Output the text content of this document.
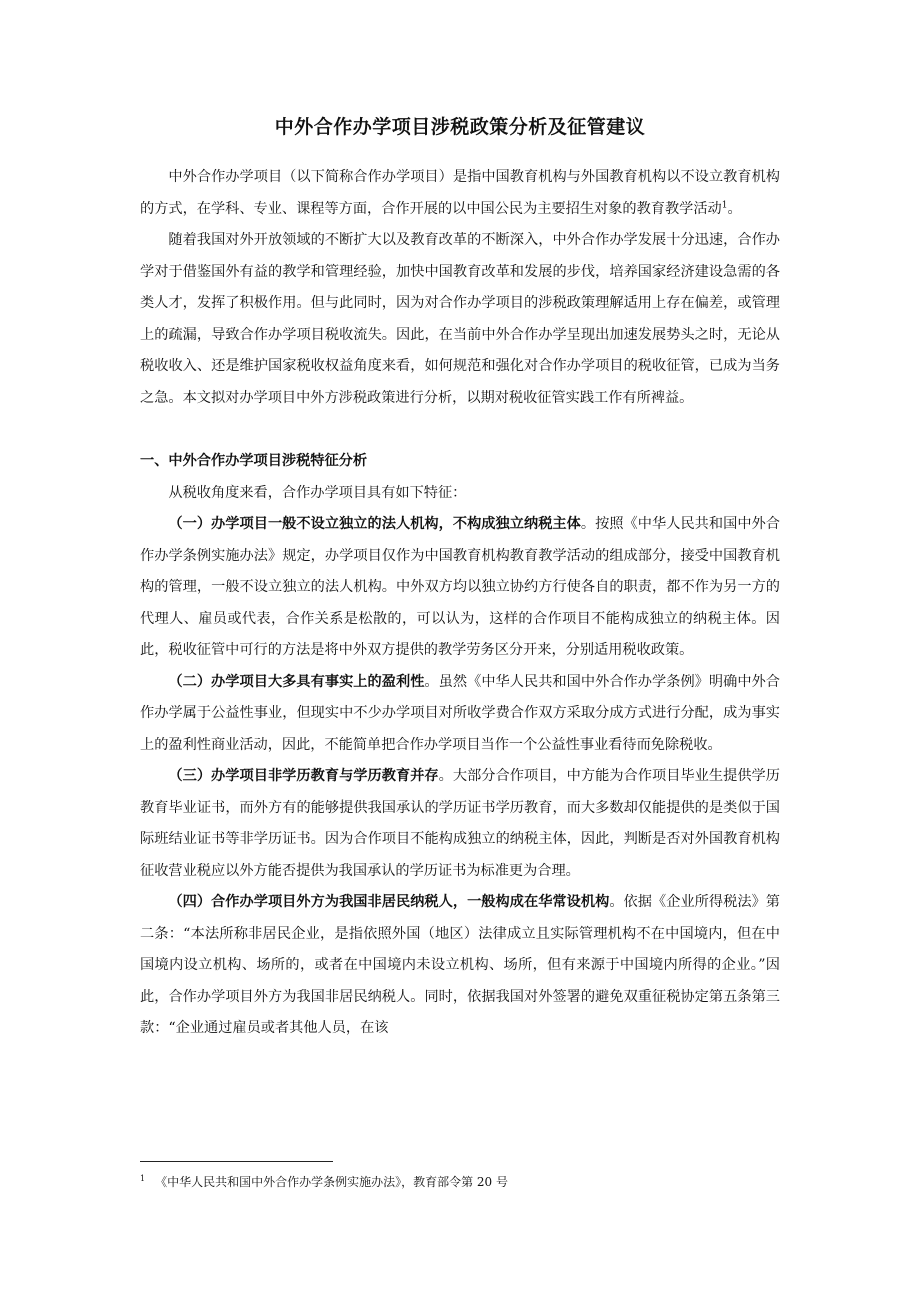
中外合作办学项目涉税政策分析及征管建议

中外合作办学项目（以下简称合作办学项目）是指中国教育机构与外国教育机构以不设立教育机构的方式，在学科、专业、课程等方面，合作开展的以中国公民为主要招生对象的教育教学活动$^1$。

随着我国对外开放领域的不断扩大以及教育改革的不断深入，中外合作办学发展十分迅速，合作办学对于借鉴国外有益的教学和管理经验，加快中国教育改革和发展的步伐，培养国家经济建设急需的各类人才，发挥了积极作用。但与此同时，因为对合作办学项目的涉税政策理解适用上存在偏差，或管理上的疏漏，导致合作办学项目税收流失。因此，在当前中外合作办学呈现出加速发展势头之时，无论从税收收入、还是维护国家税收权益角度来看，如何规范和强化对合作办学项目的税收征管，已成为当务之急。本文拟对办学项目中外方涉税政策进行分析，以期对税收征管实践工作有所裨益。

一、中外合作办学项目涉税特征分析

从税收角度来看，合作办学项目具有如下特征：

（一）办学项目一般不设立独立的法人机构，不构成独立纳税主体。按照《中华人民共和国中外合作办学条例实施办法》规定，办学项目仅作为中国教育机构教育教学活动的组成部分，接受中国教育机构的管理，一般不设立独立的法人机构。中外双方均以独立协约方行使各自的职责，都不作为另一方的代理人、雇员或代表，合作关系是松散的，可以认为，这样的合作项目不能构成独立的纳税主体。因此，税收征管中可行的方法是将中外双方提供的教学劳务区分开来，分别适用税收政策。

（二）办学项目大多具有事实上的盈利性。虽然《中华人民共和国中外合作办学条例》明确中外合作办学属于公益性事业，但现实中不少办学项目对所收学费合作双方采取分成方式进行分配，成为事实上的盈利性商业活动，因此，不能简单把合作办学项目当作一个公益性事业看待而免除税收。

（三）办学项目非学历教育与学历教育并存。大部分合作项目，中方能为合作项目毕业生提供学历教育毕业证书，而外方有的能够提供我国承认的学历证书学历教育，而大多数却仅能提供的是类似于国际班结业证书等非学历证书。因为合作项目不能构成独立的纳税主体，因此，判断是否对外国教育机构征收营业税应以外方能否提供为我国承认的学历证书为标准更为合理。

（四）合作办学项目外方为我国非居民纳税人，一般构成在华常设机构。依据《企业所得税法》第二条：“本法所称非居民企业，是指依照外国（地区）法律成立且实际管理机构不在中国境内，但在中国境内设立机构、场所的，或者在中国境内未设立机构、场所，但有来源于中国境内所得的企业。”因此，合作办学项目外方为我国非居民纳税人。同时，依据我国对外签署的避免双重征税协定第五条第三款：“企业通过雇员或者其他人员，在该

$^1$ 《中华人民共和国中外合作办学条例实施办法》，教育部令第 20 号
